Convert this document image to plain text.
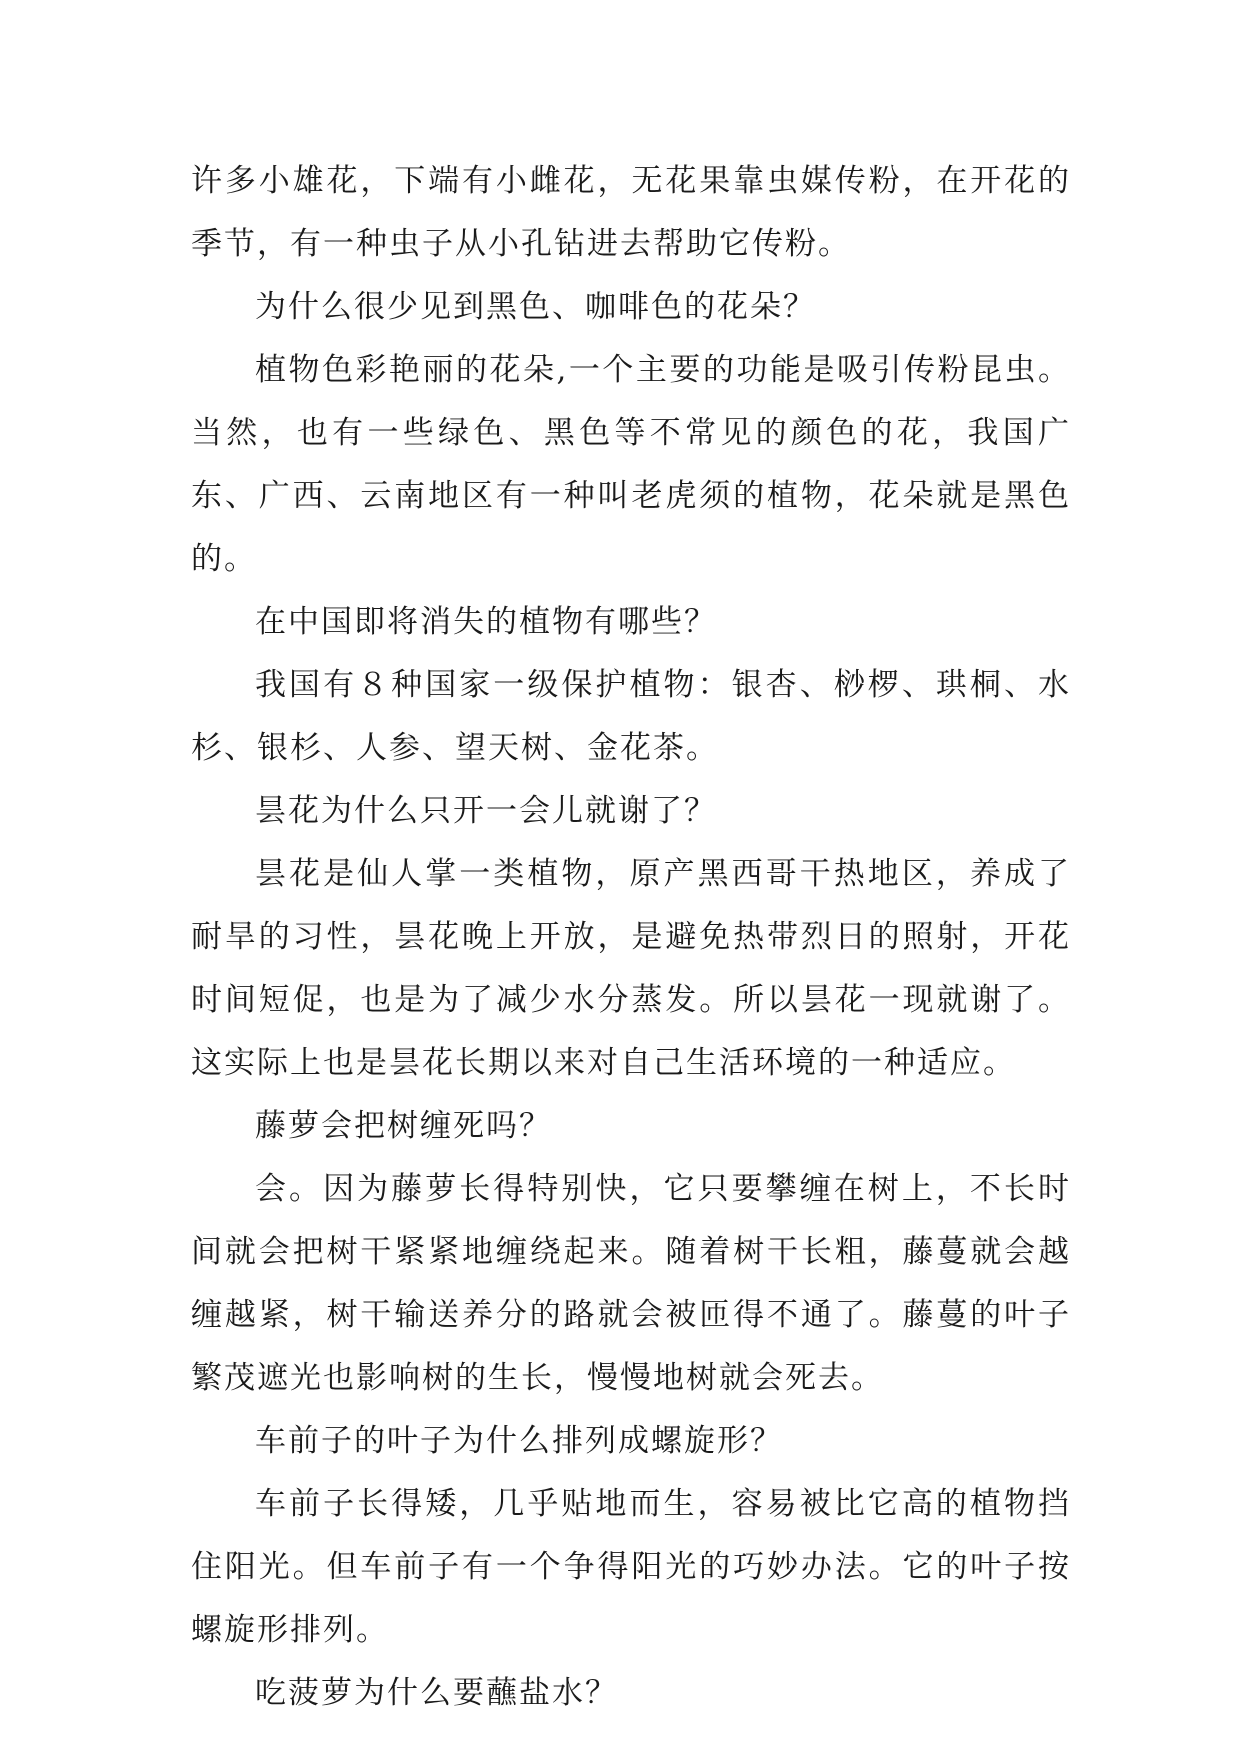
许多小雄花，下端有小雌花，无花果靠虫媒传粉，在开花的季节，有一种虫子从小孔钻进去帮助它传粉。

为什么很少见到黑色、咖啡色的花朵？

植物色彩艳丽的花朵,一个主要的功能是吸引传粉昆虫。当然，也有一些绿色、黑色等不常见的颜色的花，我国广东、广西、云南地区有一种叫老虎须的植物，花朵就是黑色的。

在中国即将消失的植物有哪些？

我国有８种国家一级保护植物：银杏、桫椤、珙桐、水杉、银杉、人参、望天树、金花茶。

昙花为什么只开一会儿就谢了？

昙花是仙人掌一类植物，原产黑西哥干热地区，养成了耐旱的习性，昙花晚上开放，是避免热带烈日的照射，开花时间短促，也是为了减少水分蒸发。所以昙花一现就谢了。这实际上也是昙花长期以来对自己生活环境的一种适应。

藤萝会把树缠死吗？

会。因为藤萝长得特别快，它只要攀缠在树上，不长时间就会把树干紧紧地缠绕起来。随着树干长粗，藤蔓就会越缠越紧，树干输送养分的路就会被匝得不通了。藤蔓的叶子繁茂遮光也影响树的生长，慢慢地树就会死去。

车前子的叶子为什么排列成螺旋形？

车前子长得矮，几乎贴地而生，容易被比它高的植物挡住阳光。但车前子有一个争得阳光的巧妙办法。它的叶子按螺旋形排列。

吃菠萝为什么要蘸盐水？
